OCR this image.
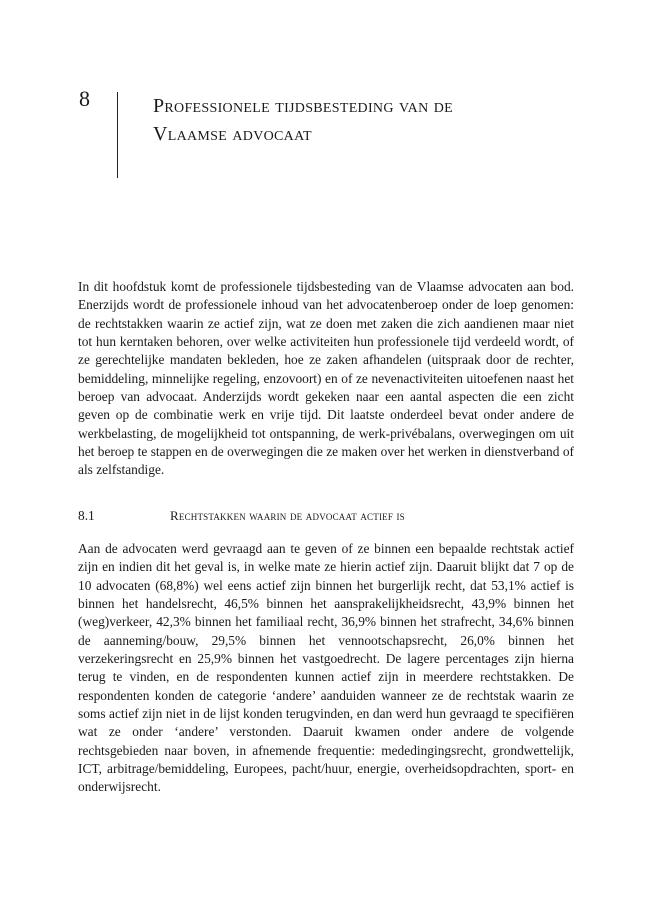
8	Professionele tijdsbesteding van de
Vlaamse advocaat

In dit hoofdstuk komt de professionele tijdsbesteding van de Vlaamse advocaten aan bod. Enerzijds wordt de professionele inhoud van het advocatenberoep onder de loep genomen: de rechtstakken waarin ze actief zijn, wat ze doen met zaken die zich aandienen maar niet tot hun kerntaken behoren, over welke activiteiten hun professionele tijd verdeeld wordt, of ze gerechtelijke mandaten bekleden, hoe ze zaken afhandelen (uitspraak door de rechter, bemiddeling, minnelijke regeling, enzovoort) en of ze nevenactiviteiten uitoefenen naast het beroep van advocaat. Anderzijds wordt gekeken naar een aantal aspecten die een zicht geven op de combinatie werk en vrije tijd. Dit laatste onderdeel bevat onder andere de werkbelasting, de mogelijkheid tot ontspanning, de werk-privébalans, overwegingen om uit het beroep te stappen en de overwegingen die ze maken over het werken in dienstverband of als zelfstandige.

8.1	Rechtstakken waarin de advocaat actief is

Aan de advocaten werd gevraagd aan te geven of ze binnen een bepaalde rechtstak actief zijn en indien dit het geval is, in welke mate ze hierin actief zijn. Daaruit blijkt dat 7 op de 10 advocaten (68,8%) wel eens actief zijn binnen het burgerlijk recht, dat 53,1% actief is binnen het handelsrecht, 46,5% binnen het aansprakelijkheidsrecht, 43,9% binnen het (weg)verkeer, 42,3% binnen het familiaal recht, 36,9% binnen het strafrecht, 34,6% binnen de aanneming/bouw, 29,5% binnen het vennootschapsrecht, 26,0% binnen het verzekeringsrecht en 25,9% binnen het vastgoedrecht. De lagere percentages zijn hierna terug te vinden, en de respondenten kunnen actief zijn in meerdere rechtstakken. De respondenten konden de categorie ‘andere’ aanduiden wanneer ze de rechtstak waarin ze soms actief zijn niet in de lijst konden terugvinden, en dan werd hun gevraagd te specifiëren wat ze onder ‘andere’ verstonden. Daaruit kwamen onder andere de volgende rechtsgebieden naar boven, in afnemende frequentie: mededingingsrecht, grondwettelijk, ICT, arbitrage/bemiddeling, Europees, pacht/huur, energie, overheidsopdrachten, sport- en onderwijsrecht.
